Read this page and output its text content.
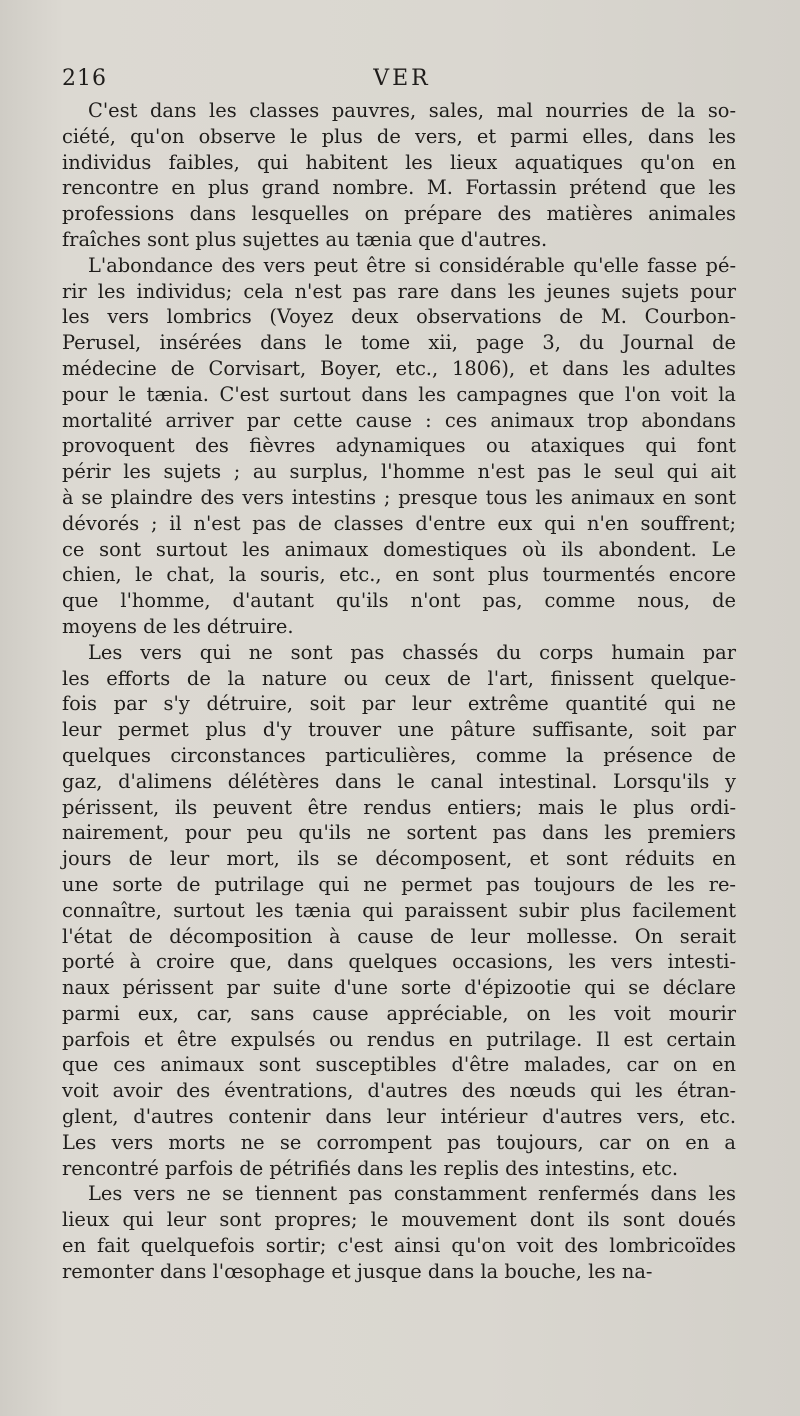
216	VER
C'est dans les classes pauvres, sales, mal nourries de la so-
ciété, qu'on observe le plus de vers, et parmi elles, dans les
individus faibles, qui habitent les lieux aquatiques qu'on en
rencontre en plus grand nombre. M. Fortassin prétend que les
professions dans lesquelles on prépare des matières animales
fraîches sont plus sujettes au tænia que d'autres.
L'abondance des vers peut être si considérable qu'elle fasse pé-
rir les individus; cela n'est pas rare dans les jeunes sujets pour
les vers lombrics (Voyez deux observations de M. Courbon-
Perusel, insérées dans le tome xii, page 3, du Journal de
médecine de Corvisart, Boyer, etc., 1806), et dans les adultes
pour le tænia. C'est surtout dans les campagnes que l'on voit la
mortalité arriver par cette cause : ces animaux trop abondans
provoquent des fièvres adynamiques ou ataxiques qui font
périr les sujets ; au surplus, l'homme n'est pas le seul qui ait
à se plaindre des vers intestins ; presque tous les animaux en sont
dévorés ; il n'est pas de classes d'entre eux qui n'en souffrent;
ce sont surtout les animaux domestiques où ils abondent. Le
chien, le chat, la souris, etc., en sont plus tourmentés encore
que l'homme, d'autant qu'ils n'ont pas, comme nous, de
moyens de les détruire.
Les vers qui ne sont pas chassés du corps humain par
les efforts de la nature ou ceux de l'art, finissent quelque-
fois par s'y détruire, soit par leur extrême quantité qui ne
leur permet plus d'y trouver une pâture suffisante, soit par
quelques circonstances particulières, comme la présence de
gaz, d'alimens délétères dans le canal intestinal. Lorsqu'ils y
périssent, ils peuvent être rendus entiers; mais le plus ordi-
nairement, pour peu qu'ils ne sortent pas dans les premiers
jours de leur mort, ils se décomposent, et sont réduits en
une sorte de putrilage qui ne permet pas toujours de les re-
connaître, surtout les tænia qui paraissent subir plus facilement
l'état de décomposition à cause de leur mollesse. On serait
porté à croire que, dans quelques occasions, les vers intesti-
naux périssent par suite d'une sorte d'épizootie qui se déclare
parmi eux, car, sans cause appréciable, on les voit mourir
parfois et être expulsés ou rendus en putrilage. Il est certain
que ces animaux sont susceptibles d'être malades, car on en
voit avoir des éventrations, d'autres des nœuds qui les étran-
glent, d'autres contenir dans leur intérieur d'autres vers, etc.
Les vers morts ne se corrompent pas toujours, car on en a
rencontré parfois de pétrifiés dans les replis des intestins, etc.
Les vers ne se tiennent pas constamment renfermés dans les
lieux qui leur sont propres; le mouvement dont ils sont doués
en fait quelquefois sortir; c'est ainsi qu'on voit des lombricoïdes
remonter dans l'œsophage et jusque dans la bouche, les na-
